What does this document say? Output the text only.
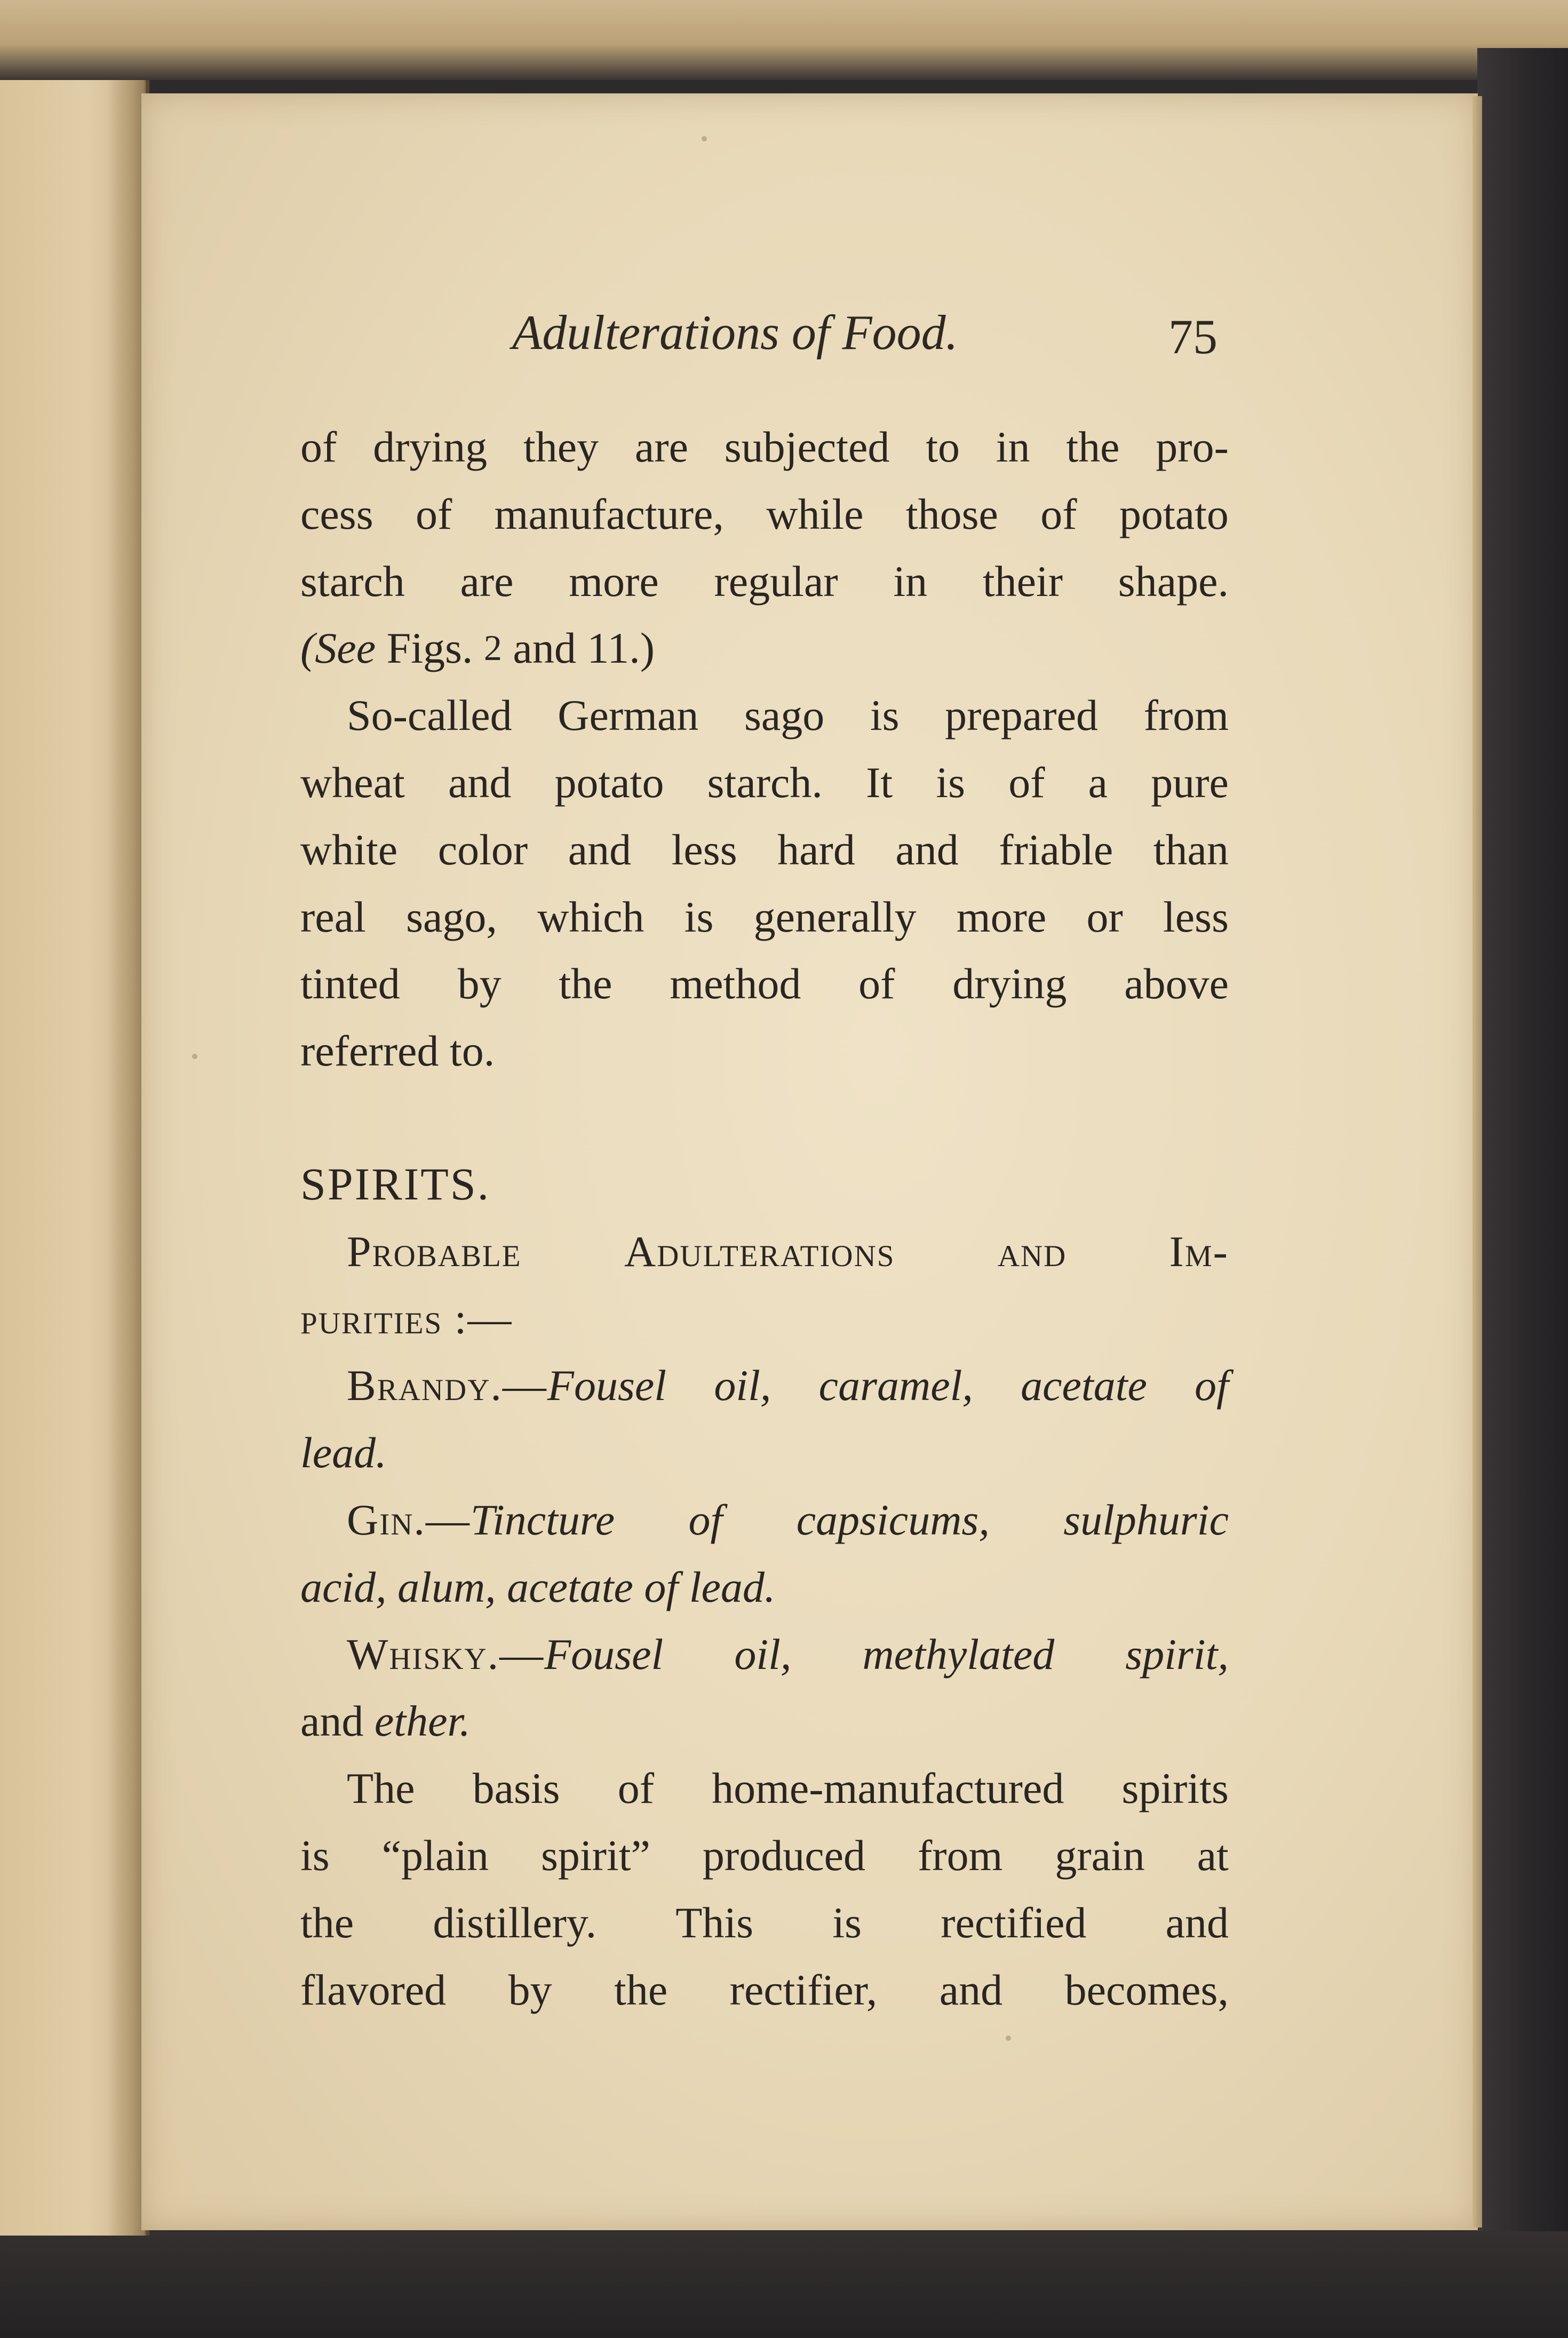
Adulterations of Food.	75
of drying they are subjected to in the pro-
cess of manufacture, while those of potato
starch are more regular in their shape.
(See
Figs.
2
and
11.)
So-called German sago is prepared from
wheat and potato starch. It is of a pure
white color and less hard and friable than
real sago, which is generally more or less
tinted by the method of drying above
referred
to.
SPIRITS.
Probable Adulterations and Im-
purities :—
Brandy.—Fousel oil, caramel, acetate of
lead.
Gin.—Tincture of capsicums, sulphuric
acid, alum, acetate of lead.
Whisky.—Fousel oil, methylated spirit,
and
ether.
The basis of home-manufactured spirits
is “plain spirit” produced from grain at
the distillery. This is rectified and
flavored by the rectifier, and becomes,
